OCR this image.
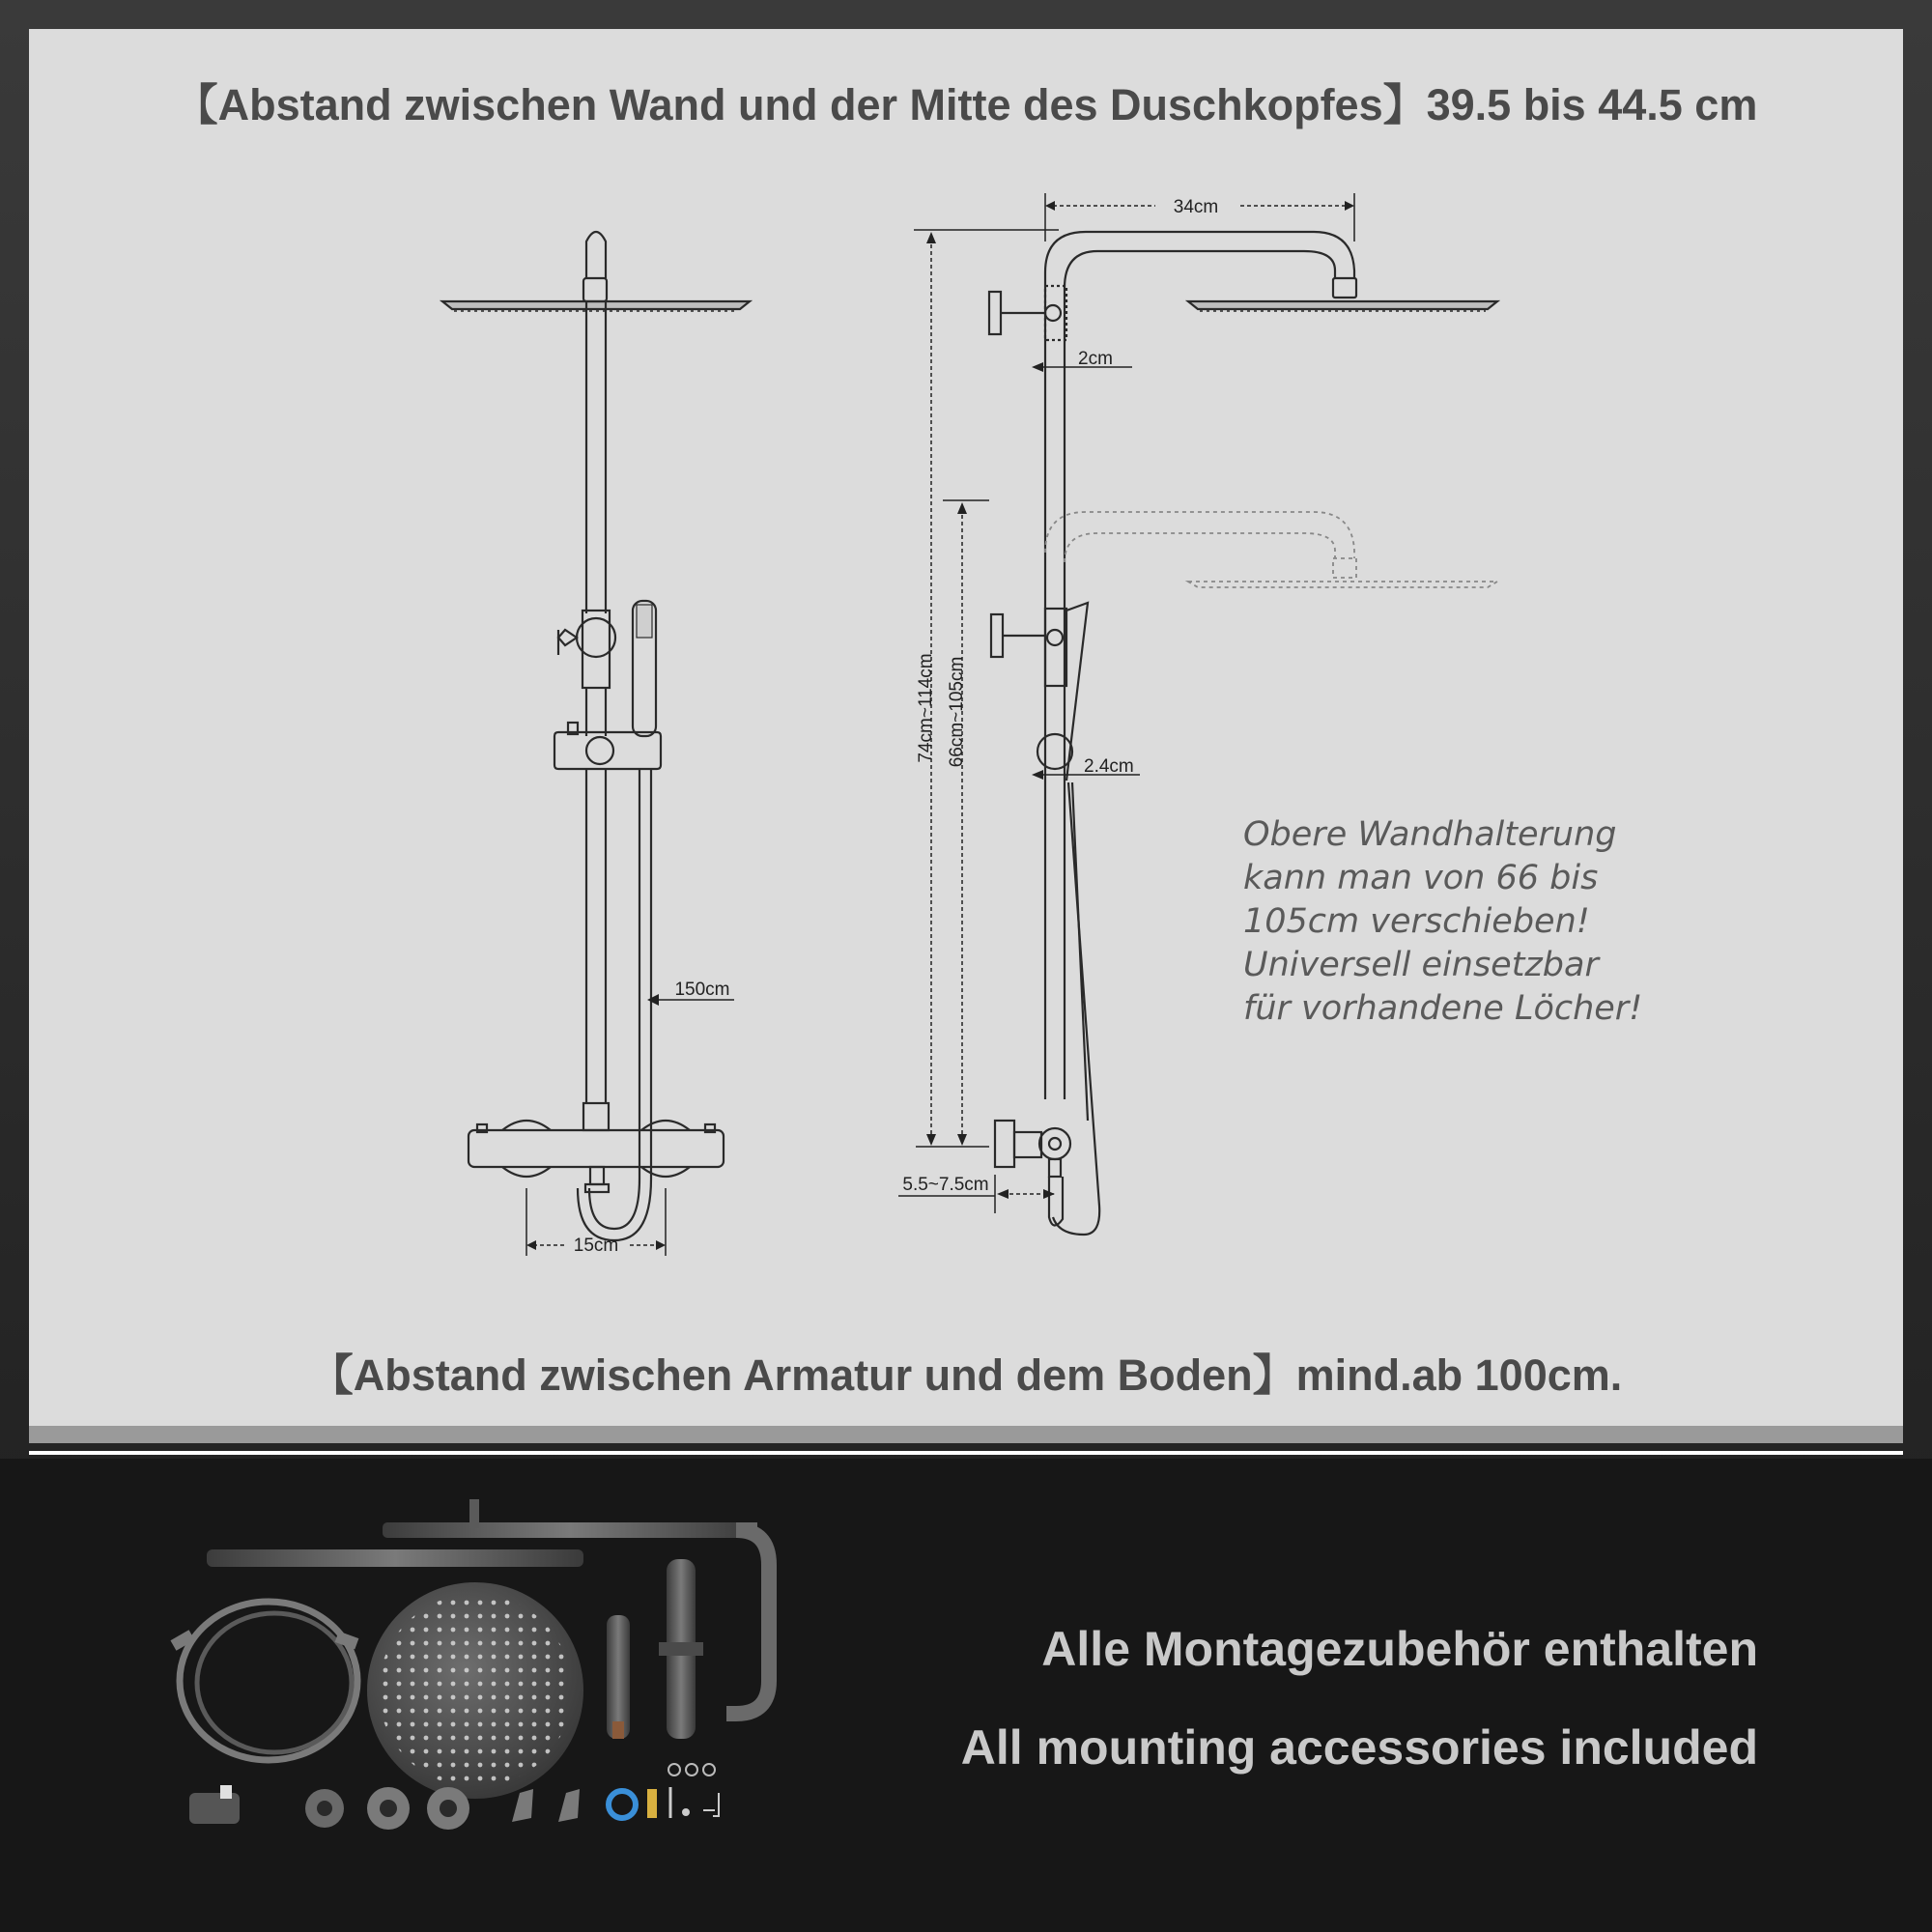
【Abstand zwischen Wand und der Mitte des Duschkopfes】39.5 bis 44.5 cm
【Abstand zwischen Armatur und dem Boden】mind.ab 100cm.
150cm
15cm
34cm
2cm
2.4cm
74cm~114cm 66cm~105cm
5.5~7.5cm
Obere Wandhalterung
kann man von 66 bis
105cm verschieben!
Universell einsetzbar
für vorhandene Löcher!
Alle Montagezubehör enthalten
All mounting accessories included
